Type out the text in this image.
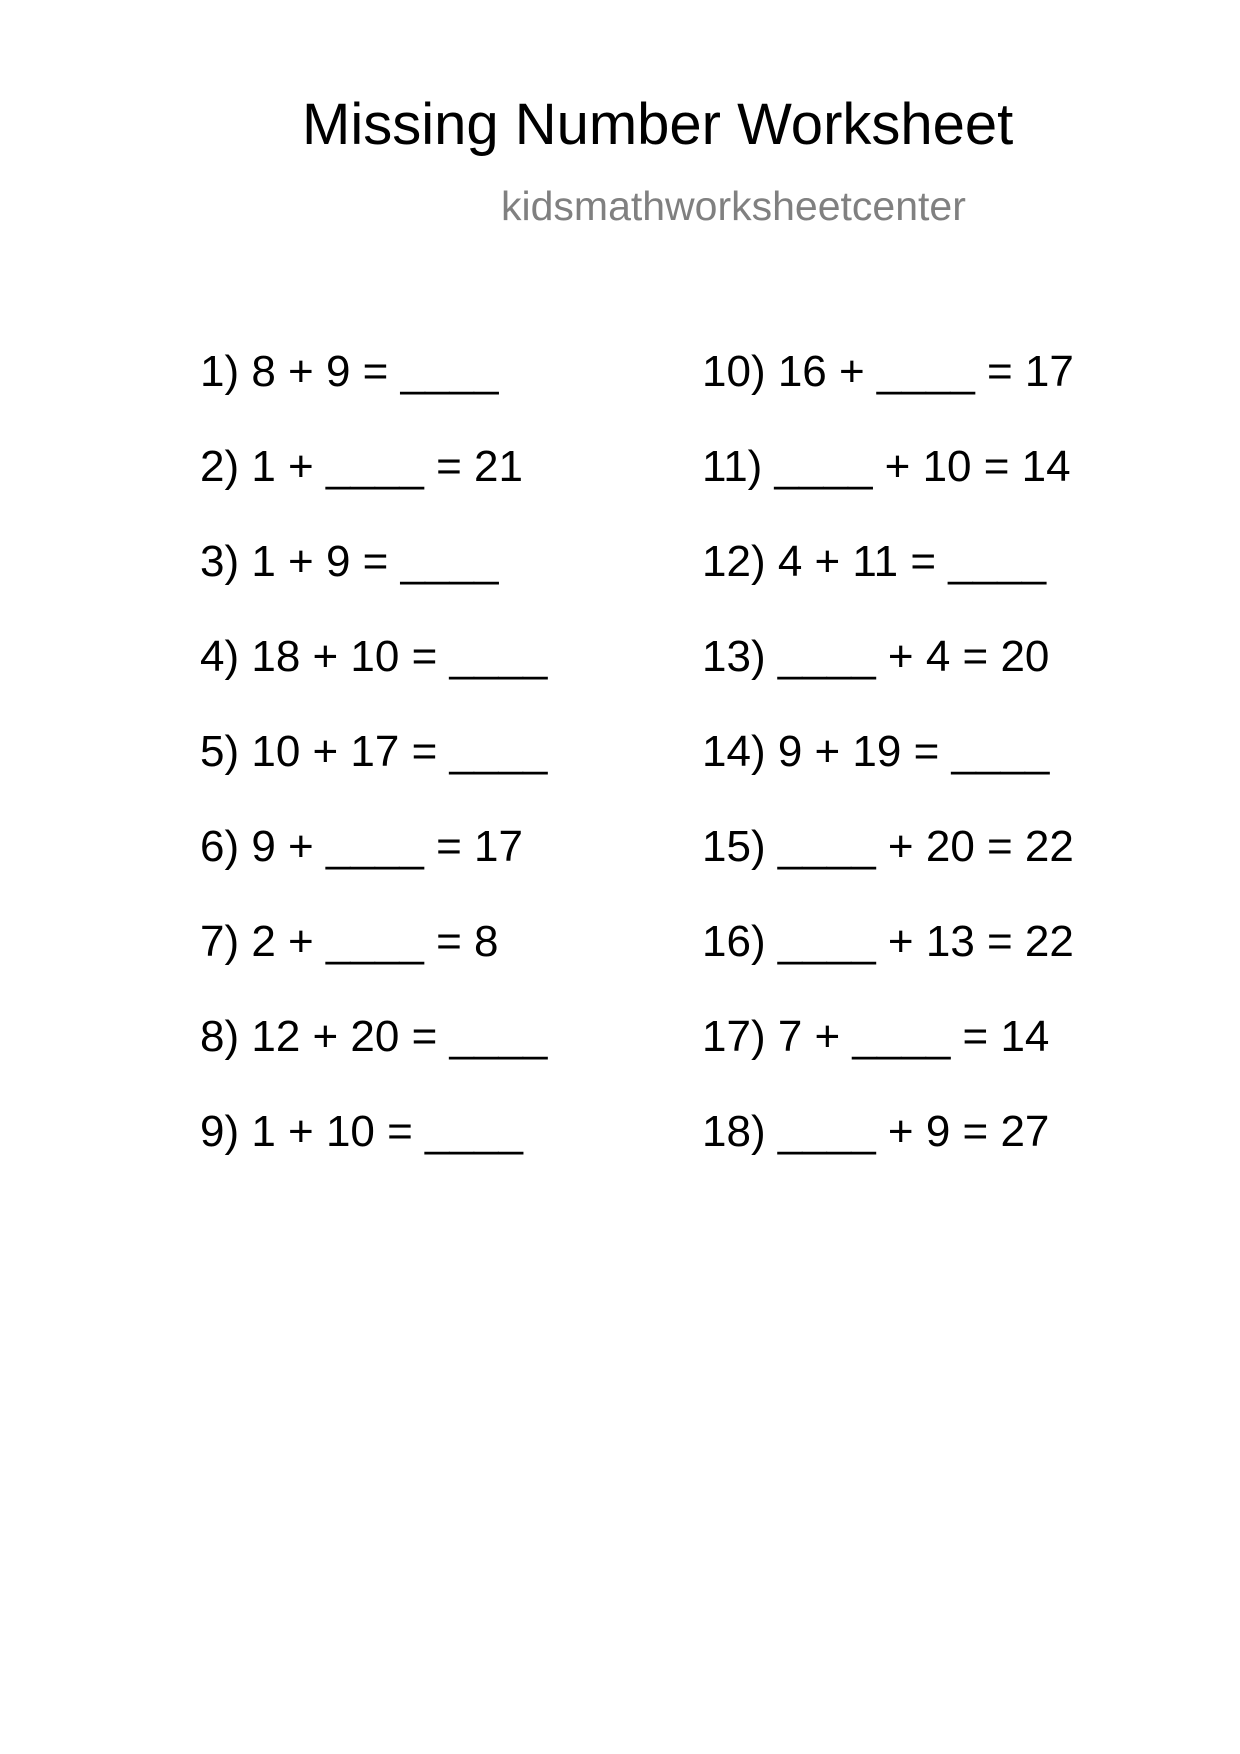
Missing Number Worksheet
kidsmathworksheetcenter
1) 8 + 9 = ____
2) 1 + ____ = 21
3) 1 + 9 = ____
4) 18 + 10 = ____
5) 10 + 17 = ____
6) 9 + ____ = 17
7) 2 + ____ = 8
8) 12 + 20 = ____
9) 1 + 10 = ____
10) 16 + ____ = 17
11) ____ + 10 = 14
12) 4 + 11 = ____
13) ____ + 4 = 20
14) 9 + 19 = ____
15) ____ + 20 = 22
16) ____ + 13 = 22
17) 7 + ____ = 14
18) ____ + 9 = 27
